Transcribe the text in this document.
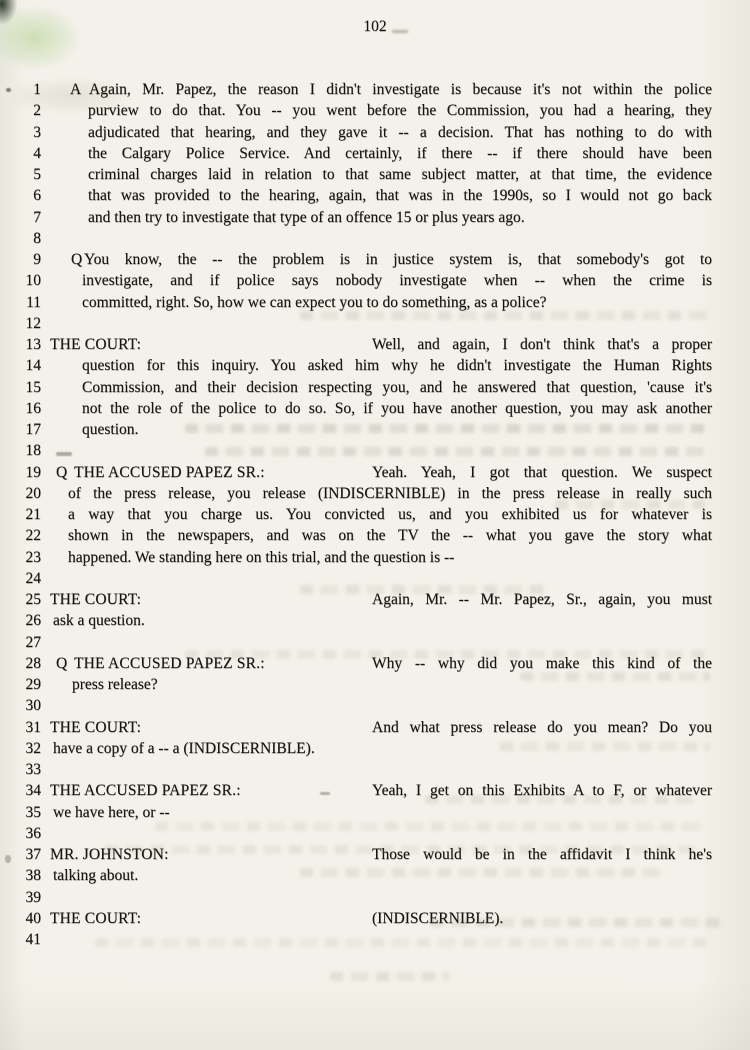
102
1 A Again, Mr. Papez, the reason I didn't investigate is because it's not within the police
2	purview to do that. You -- you went before the Commission, you had a hearing, they
3	adjudicated that hearing, and they gave it -- a decision. That has nothing to do with
4	the Calgary Police Service. And certainly, if there -- if there should have been
5	criminal charges laid in relation to that same subject matter, at that time, the evidence
6	that was provided to the hearing, again, that was in the 1990s, so I would not go back
7	and then try to investigate that type of an offence 15 or plus years ago.
8
9 Q You know, the -- the problem is in justice system is, that somebody's got to
10	investigate, and if police says nobody investigate when -- when the crime is
11	committed, right. So, how we can expect you to do something, as a police?
12
13 THE COURT:	Well, and again, I don't think that's a proper
14	question for this inquiry. You asked him why he didn't investigate the Human Rights
15	Commission, and their decision respecting you, and he answered that question, 'cause it's
16	not the role of the police to do so. So, if you have another question, you may ask another
17	question.
18
19 Q THE ACCUSED PAPEZ SR.:	Yeah. Yeah, I got that question. We suspect
20 of the press release, you release (INDISCERNIBLE) in the press release in really such
21 a way that you charge us. You convicted us, and you exhibited us for whatever is
22 shown in the newspapers, and was on the TV the -- what you gave the story what
23 happened. We standing here on this trial, and the question is --
24
25 THE COURT:	Again, Mr. -- Mr. Papez, Sr., again, you must
26 ask a question.
27
28 Q THE ACCUSED PAPEZ SR.:	Why -- why did you make this kind of the
29 press release?
30
31 THE COURT:	And what press release do you mean? Do you
32 have a copy of a -- a (INDISCERNIBLE).
33
34 THE ACCUSED PAPEZ SR.:	Yeah, I get on this Exhibits A to F, or whatever
35 we have here, or --
36
37 MR. JOHNSTON:	Those would be in the affidavit I think he's
38 talking about.
39
40 THE COURT:	(INDISCERNIBLE).
41
